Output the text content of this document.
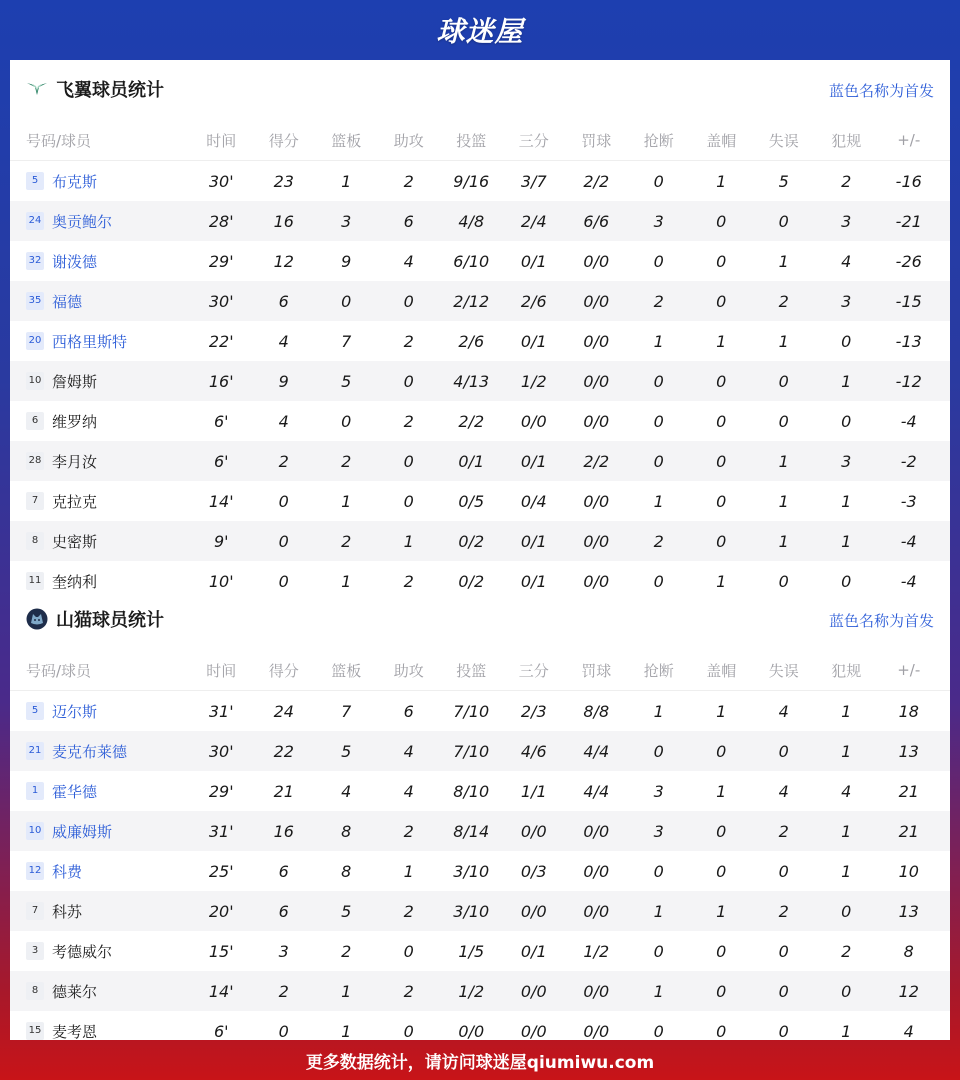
球迷屋
飞翼球员统计	蓝色名称为首发
号码/球员	时间	得分	篮板	助攻	投篮	三分	罚球	抢断	盖帽	失误	犯规	+/-
5 布克斯	30'	23	1	2	9/16	3/7	2/2	0	1	5	2	-16
24 奥贡鲍尔	28'	16	3	6	4/8	2/4	6/6	3	0	0	3	-21
32 谢泼德	29'	12	9	4	6/10	0/1	0/0	0	0	1	4	-26
35 福德	30'	6	0	0	2/12	2/6	0/0	2	0	2	3	-15
20 西格里斯特	22'	4	7	2	2/6	0/1	0/0	1	1	1	0	-13
10 詹姆斯	16'	9	5	0	4/13	1/2	0/0	0	0	0	1	-12
6 维罗纳	6'	4	0	2	2/2	0/0	0/0	0	0	0	0	-4
28 李月汝	6'	2	2	0	0/1	0/1	2/2	0	0	1	3	-2
7 克拉克	14'	0	1	0	0/5	0/4	0/0	1	0	1	1	-3
8 史密斯	9'	0	2	1	0/2	0/1	0/0	2	0	1	1	-4
11 奎纳利	10'	0	1	2	0/2	0/1	0/0	0	1	0	0	-4
山猫球员统计	蓝色名称为首发
号码/球员	时间	得分	篮板	助攻	投篮	三分	罚球	抢断	盖帽	失误	犯规	+/-
5 迈尔斯	31'	24	7	6	7/10	2/3	8/8	1	1	4	1	18
21 麦克布莱德	30'	22	5	4	7/10	4/6	4/4	0	0	0	1	13
1 霍华德	29'	21	4	4	8/10	1/1	4/4	3	1	4	4	21
10 威廉姆斯	31'	16	8	2	8/14	0/0	0/0	3	0	2	1	21
12 科费	25'	6	8	1	3/10	0/3	0/0	0	0	0	1	10
7 科苏	20'	6	5	2	3/10	0/0	0/0	1	1	2	0	13
3 考德威尔	15'	3	2	0	1/5	0/1	1/2	0	0	0	2	8
8 德莱尔	14'	2	1	2	1/2	0/0	0/0	1	0	0	0	12
15 麦考恩	6'	0	1	0	0/0	0/0	0/0	0	0	0	1	4
更多数据统计，请访问球迷屋qiumiwu.com
